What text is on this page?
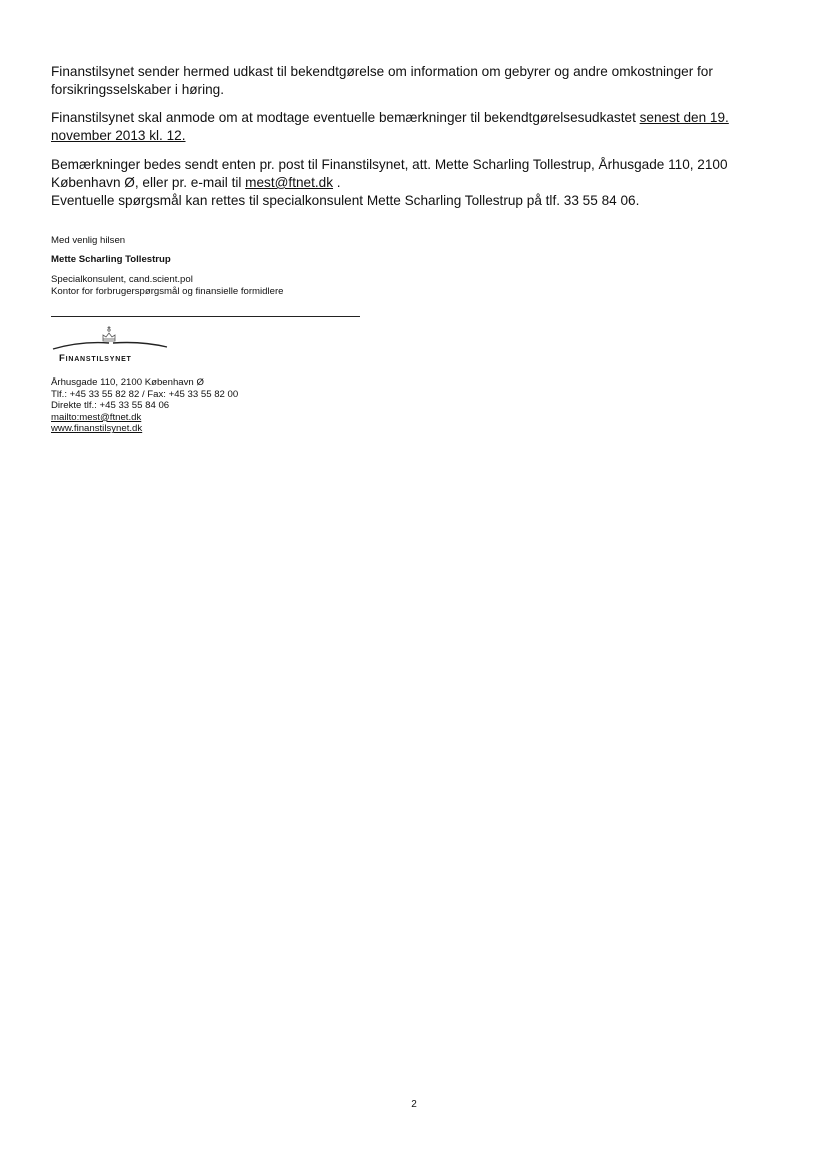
Finanstilsynet sender hermed udkast til bekendtgørelse om information om gebyrer og andre omkostninger for forsikringsselskaber i høring.

Finanstilsynet skal anmode om at modtage eventuelle bemærkninger til bekendtgørelsesudkastet senest den 19. november 2013 kl. 12.

Bemærkninger bedes sendt enten pr. post til Finanstilsynet, att. Mette Scharling Tollestrup, Århusgade 110, 2100 København Ø, eller pr. e-mail til mest@ftnet.dk .
Eventuelle spørgsmål kan rettes til specialkonsulent Mette Scharling Tollestrup på tlf. 33 55 84 06.

Med venlig hilsen

Mette Scharling Tollestrup

Specialkonsulent, cand.scient.pol

Kontor for forbrugerspørgsmål og finansielle formidlere

Finanstilsynet
Århusgade 110, 2100 København Ø
Tlf.: +45 33 55 82 82 / Fax: +45 33 55 82 00
Direkte tlf.: +45 33 55 84 06
mailto:mest@ftnet.dk
www.finanstilsynet.dk
2
